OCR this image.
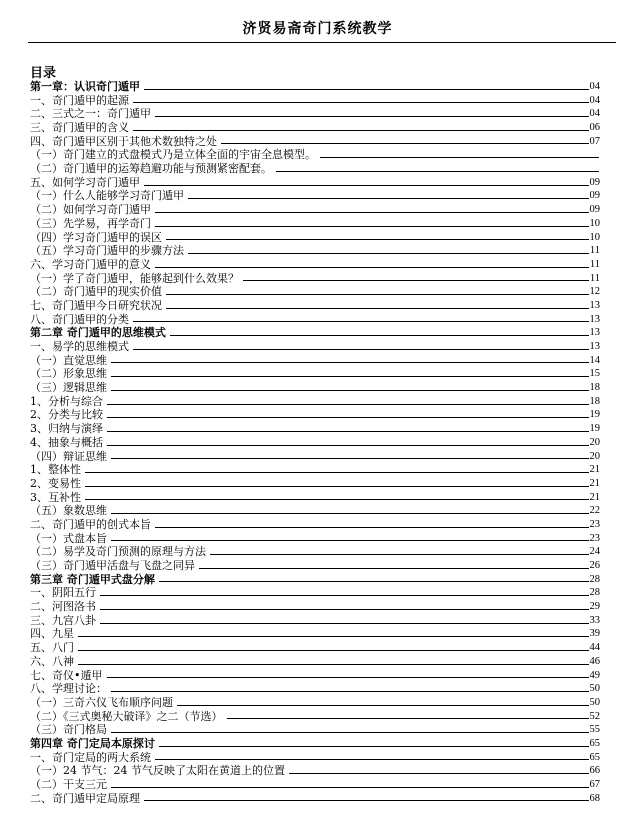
济贤易斋奇门系统教学
目录
第一章：认识奇门遁甲	04
一、奇门遁甲的起源	04
二、三式之一：奇门遁甲	04
三、奇门遁甲的含义	06
四、奇门遁甲区别于其他术数独特之处	07
（一）奇门建立的式盘模式乃是立体全面的宇宙全息模型。
（二）奇门遁甲的运筹趋避功能与预测紧密配套。
五、如何学习奇门遁甲	09
（一）什么人能够学习奇门遁甲	09
（二）如何学习奇门遁甲	09
（三）先学易，再学奇门	10
（四）学习奇门遁甲的误区	10
（五）学习奇门遁甲的步骤方法	11
六、学习奇门遁甲的意义	11
（一）学了奇门遁甲，能够起到什么效果？	11
（二）奇门遁甲的现实价值	12
七、奇门遁甲今日研究状况	13
八、奇门遁甲的分类	13
第二章 奇门遁甲的思维模式	13
一、易学的思维模式	13
（一）直觉思维	14
（二）形象思维	15
（三）逻辑思维	18
1、分析与综合	18
2、分类与比较	19
3、归纳与演绎	19
4、抽象与概括	20
（四）辩证思维	20
1、整体性	21
2、变易性	21
3、互补性	21
（五）象数思维	22
二、奇门遁甲的创式本旨	23
（一）式盘本旨	23
（二）易学及奇门预测的原理与方法	24
（三）奇门遁甲活盘与飞盘之同异	26
第三章 奇门遁甲式盘分解	28
一、阴阳五行	28
二、河图洛书	29
三、九宫八卦	33
四、九星	39
五、八门	44
六、八神	46
七、奇仪•遁甲	49
八、学理讨论：	50
（一）三奇六仪飞布顺序问题	50
（二）《三式奥秘大破译》之二（节选）	52
（三）奇门格局	55
第四章 奇门定局本原探讨	65
一、奇门定局的两大系统	65
（一）24 节气：24 节气反映了太阳在黄道上的位置	66
（二）干支三元	67
二、奇门遁甲定局原理	68
